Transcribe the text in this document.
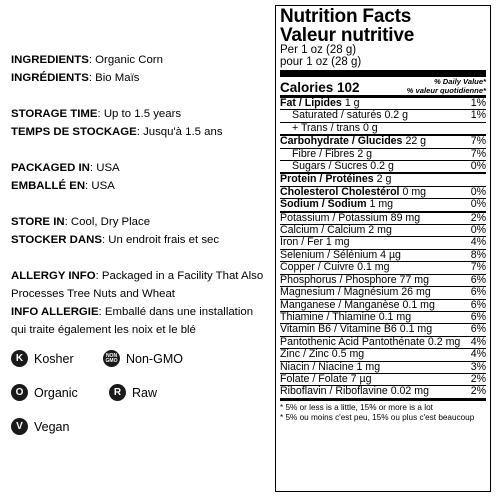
INGREDIENTS: Organic Corn
INGRÉDIENTS: Bio Maïs
STORAGE TIME: Up to 1.5 years
TEMPS DE STOCKAGE: Jusqu'à 1.5 ans
PACKAGED IN: USA
EMBALLÉ EN: USA
STORE IN: Cool, Dry Place
STOCKER DANS: Un endroit frais et sec
ALLERGY INFO: Packaged in a Facility That Also Processes Tree Nuts and Wheat
INFO ALLERGIE: Emballé dans une installation qui traite également les noix et le blé
K Kosher	NON GMO Non-GMO
O Organic	R Raw
V Vegan
Nutrition Facts
Valeur nutritive
Per 1 oz (28 g)
pour 1 oz (28 g)
Calories 102	% Daily Value*
% valeur quotidienne*
Fat / Lipides 1 g	1%
Saturated / saturés 0.2 g	1%
+ Trans / trans 0 g
Carbohydrate / Glucides 22 g	7%
Fibre / Fibres 2 g	7%
Sugars / Sucres 0.2 g	0%
Protein / Protéines 2 g
Cholesterol Cholestérol 0 mg	0%
Sodium / Sodium 1 mg	0%
Potassium / Potassium 89 mg	2%
Calcium / Calcium 2 mg	0%
Iron / Fer 1 mg	4%
Selenium / Sélénium 4 µg	8%
Copper / Cuivre 0.1 mg	7%
Phosphorus / Phosphore 77 mg	6%
Magnesium / Magnésium 26 mg	6%
Manganese / Manganèse 0.1 mg	6%
Thiamine / Thiamine 0.1 mg	6%
Vitamin B6 / Vitamine B6 0.1 mg	6%
Pantothenic Acid Pantothénate 0.2 mg 4%
Zinc / Zinc 0.5 mg	4%
Niacin / Niacine 1 mg	3%
Folate / Folate 7 µg	2%
Riboflavin / Riboflavine 0.02 mg	2%
* 5% or less is a little, 15% or more is a lot
* 5% ou moins c'est peu, 15% ou plus c'est beaucoup
